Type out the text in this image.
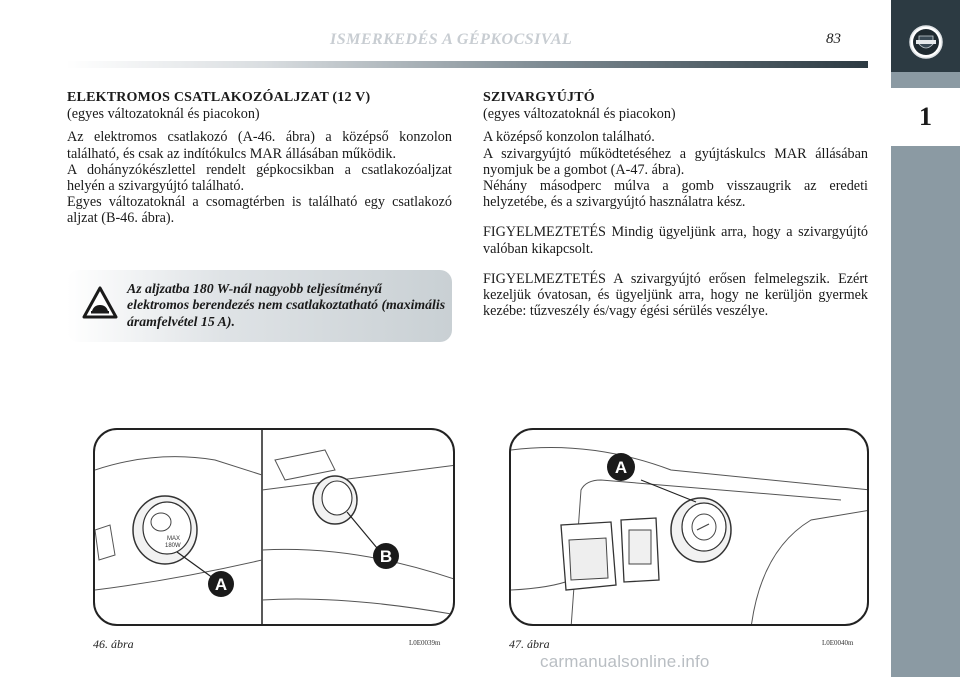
1
ISMERKEDÉS A GÉPKOCSIVAL	83
ELEKTROMOS CSATLAKOZÓALJZAT (12 V)
(egyes változatoknál és piacokon)
Az elektromos csatlakozó (A-46. ábra) a középső konzolon található, és csak az indítókulcs MAR állásában működik.
A dohányzókészlettel rendelt gépkocsikban a csatlakozóaljzat helyén a szivargyújtó található.
Egyes változatoknál a csomagtérben is található egy csatlakozó aljzat (B-46. ábra).
Az aljzatba 180 W-nál nagyobb teljesítményű elektromos berendezés nem csatlakoztatható (maximális áramfelvétel 15 A).
SZIVARGYÚJTÓ
(egyes változatoknál és piacokon)
A középső konzolon található.
A szivargyújtó működtetéséhez a gyújtáskulcs MAR állásában nyomjuk be a gombot (A-47. ábra).
Néhány másodperc múlva a gomb visszaugrik az eredeti helyzetébe, és a szivargyújtó használatra kész.
FIGYELMEZTETÉS Mindig ügyeljünk arra, hogy a szivargyújtó valóban kikapcsolt.
FIGYELMEZTETÉS A szivargyújtó erősen felmelegszik. Ezért kezeljük óvatosan, és ügyeljünk arra, hogy ne kerüljön gyermek kezébe: tűzveszély és/vagy égési sérülés veszélye.
MAX
180W
A
B
46. ábra	L0E0039m
A
47. ábra	L0E0040m
carmanualsonline.info
